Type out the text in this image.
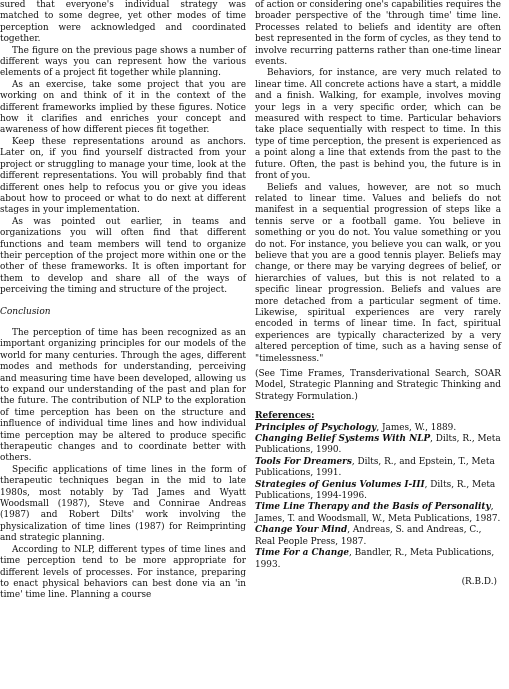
sured that everyone's individual strategy was matched to some degree, yet other modes of time perception were acknowledged and coordinated together.

The figure on the previous page shows a number of different ways you can represent how the various elements of a project fit together while planning.

As an exercise, take some project that you are working on and think of it in the context of the different frameworks implied by these figures. Notice how it clarifies and enriches your concept and awareness of how different pieces fit together.

Keep these representations around as anchors. Later on, if you find yourself distracted from your project or struggling to manage your time, look at the different representations. You will probably find that different ones help to refocus you or give you ideas about how to proceed or what to do next at different stages in your implementation.

As was pointed out earlier, in teams and organizations you will often find that different functions and team members will tend to organize their perception of the project more within one or the other of these frameworks. It is often important for them to develop and share all of the ways of perceiving the timing and structure of the project.

Conclusion

The perception of time has been recognized as an important organizing principles for our models of the world for many centuries. Through the ages, different modes and methods for understanding, perceiving and measuring time have been developed, allowing us to expand our understanding of the past and plan for the future. The contribution of NLP to the exploration of time perception has been on the structure and influence of individual time lines and how individual time perception may be altered to produce specific therapeutic changes and to coordinate better with others.

Specific applications of time lines in the form of therapeutic techniques began in the mid to late 1980s, most notably by Tad James and Wyatt Woodsmall (1987), Steve and Connirae Andreas (1987) and Robert Dilts' work involving the physicalization of time lines (1987) for Reimprinting and strategic planning.

According to NLP, different types of time lines and time perception tend to be more appropriate for different levels of processes. For instance, preparing to enact physical behaviors can best done via an 'in time' time line. Planning a course

of action or considering one's capabilities requires the broader perspective of the 'through time' time line. Processes related to beliefs and identity are often best represented in the form of cycles, as they tend to involve recurring patterns rather than one-time linear events.

Behaviors, for instance, are very much related to linear time. All concrete actions have a start, a middle and a finish. Walking, for example, involves moving your legs in a very specific order, which can be measured with respect to time. Particular behaviors take place sequentially with respect to time. In this type of time perception, the present is experienced as a point along a line that extends from the past to the future. Often, the past is behind you, the future is in front of you.

Beliefs and values, however, are not so much related to linear time. Values and beliefs do not manifest in a sequential progression of steps like a tennis serve or a football game. You believe in something or you do not. You value something or you do not. For instance, you believe you can walk, or you believe that you are a good tennis player. Beliefs may change, or there may be varying degrees of belief, or hierarchies of values, but this is not related to a specific linear progression. Beliefs and values are more detached from a particular segment of time. Likewise, spiritual experiences are very rarely encoded in terms of linear time. In fact, spiritual experiences are typically characterized by a very altered perception of time, such as a having sense of "timelessness."

(See Time Frames, Transderivational Search, SOAR Model, Strategic Planning and Strategic Thinking and Strategy Formulation.)

References:

Principles of Psychology, James, W., 1889.

Changing Belief Systems With NLP, Dilts, R., Meta Publications, 1990.

Tools For Dreamers, Dilts, R., and Epstein, T., Meta Publications, 1991.

Strategies of Genius Volumes I-III, Dilts, R., Meta Publications, 1994-1996.

Time Line Therapy and the Basis of Personality, James, T. and Woodsmall, W., Meta Publications, 1987.

Change Your Mind, Andreas, S. and Andreas, C., Real People Press, 1987.

Time For a Change, Bandler, R., Meta Publications, 1993.

(R.B.D.)
